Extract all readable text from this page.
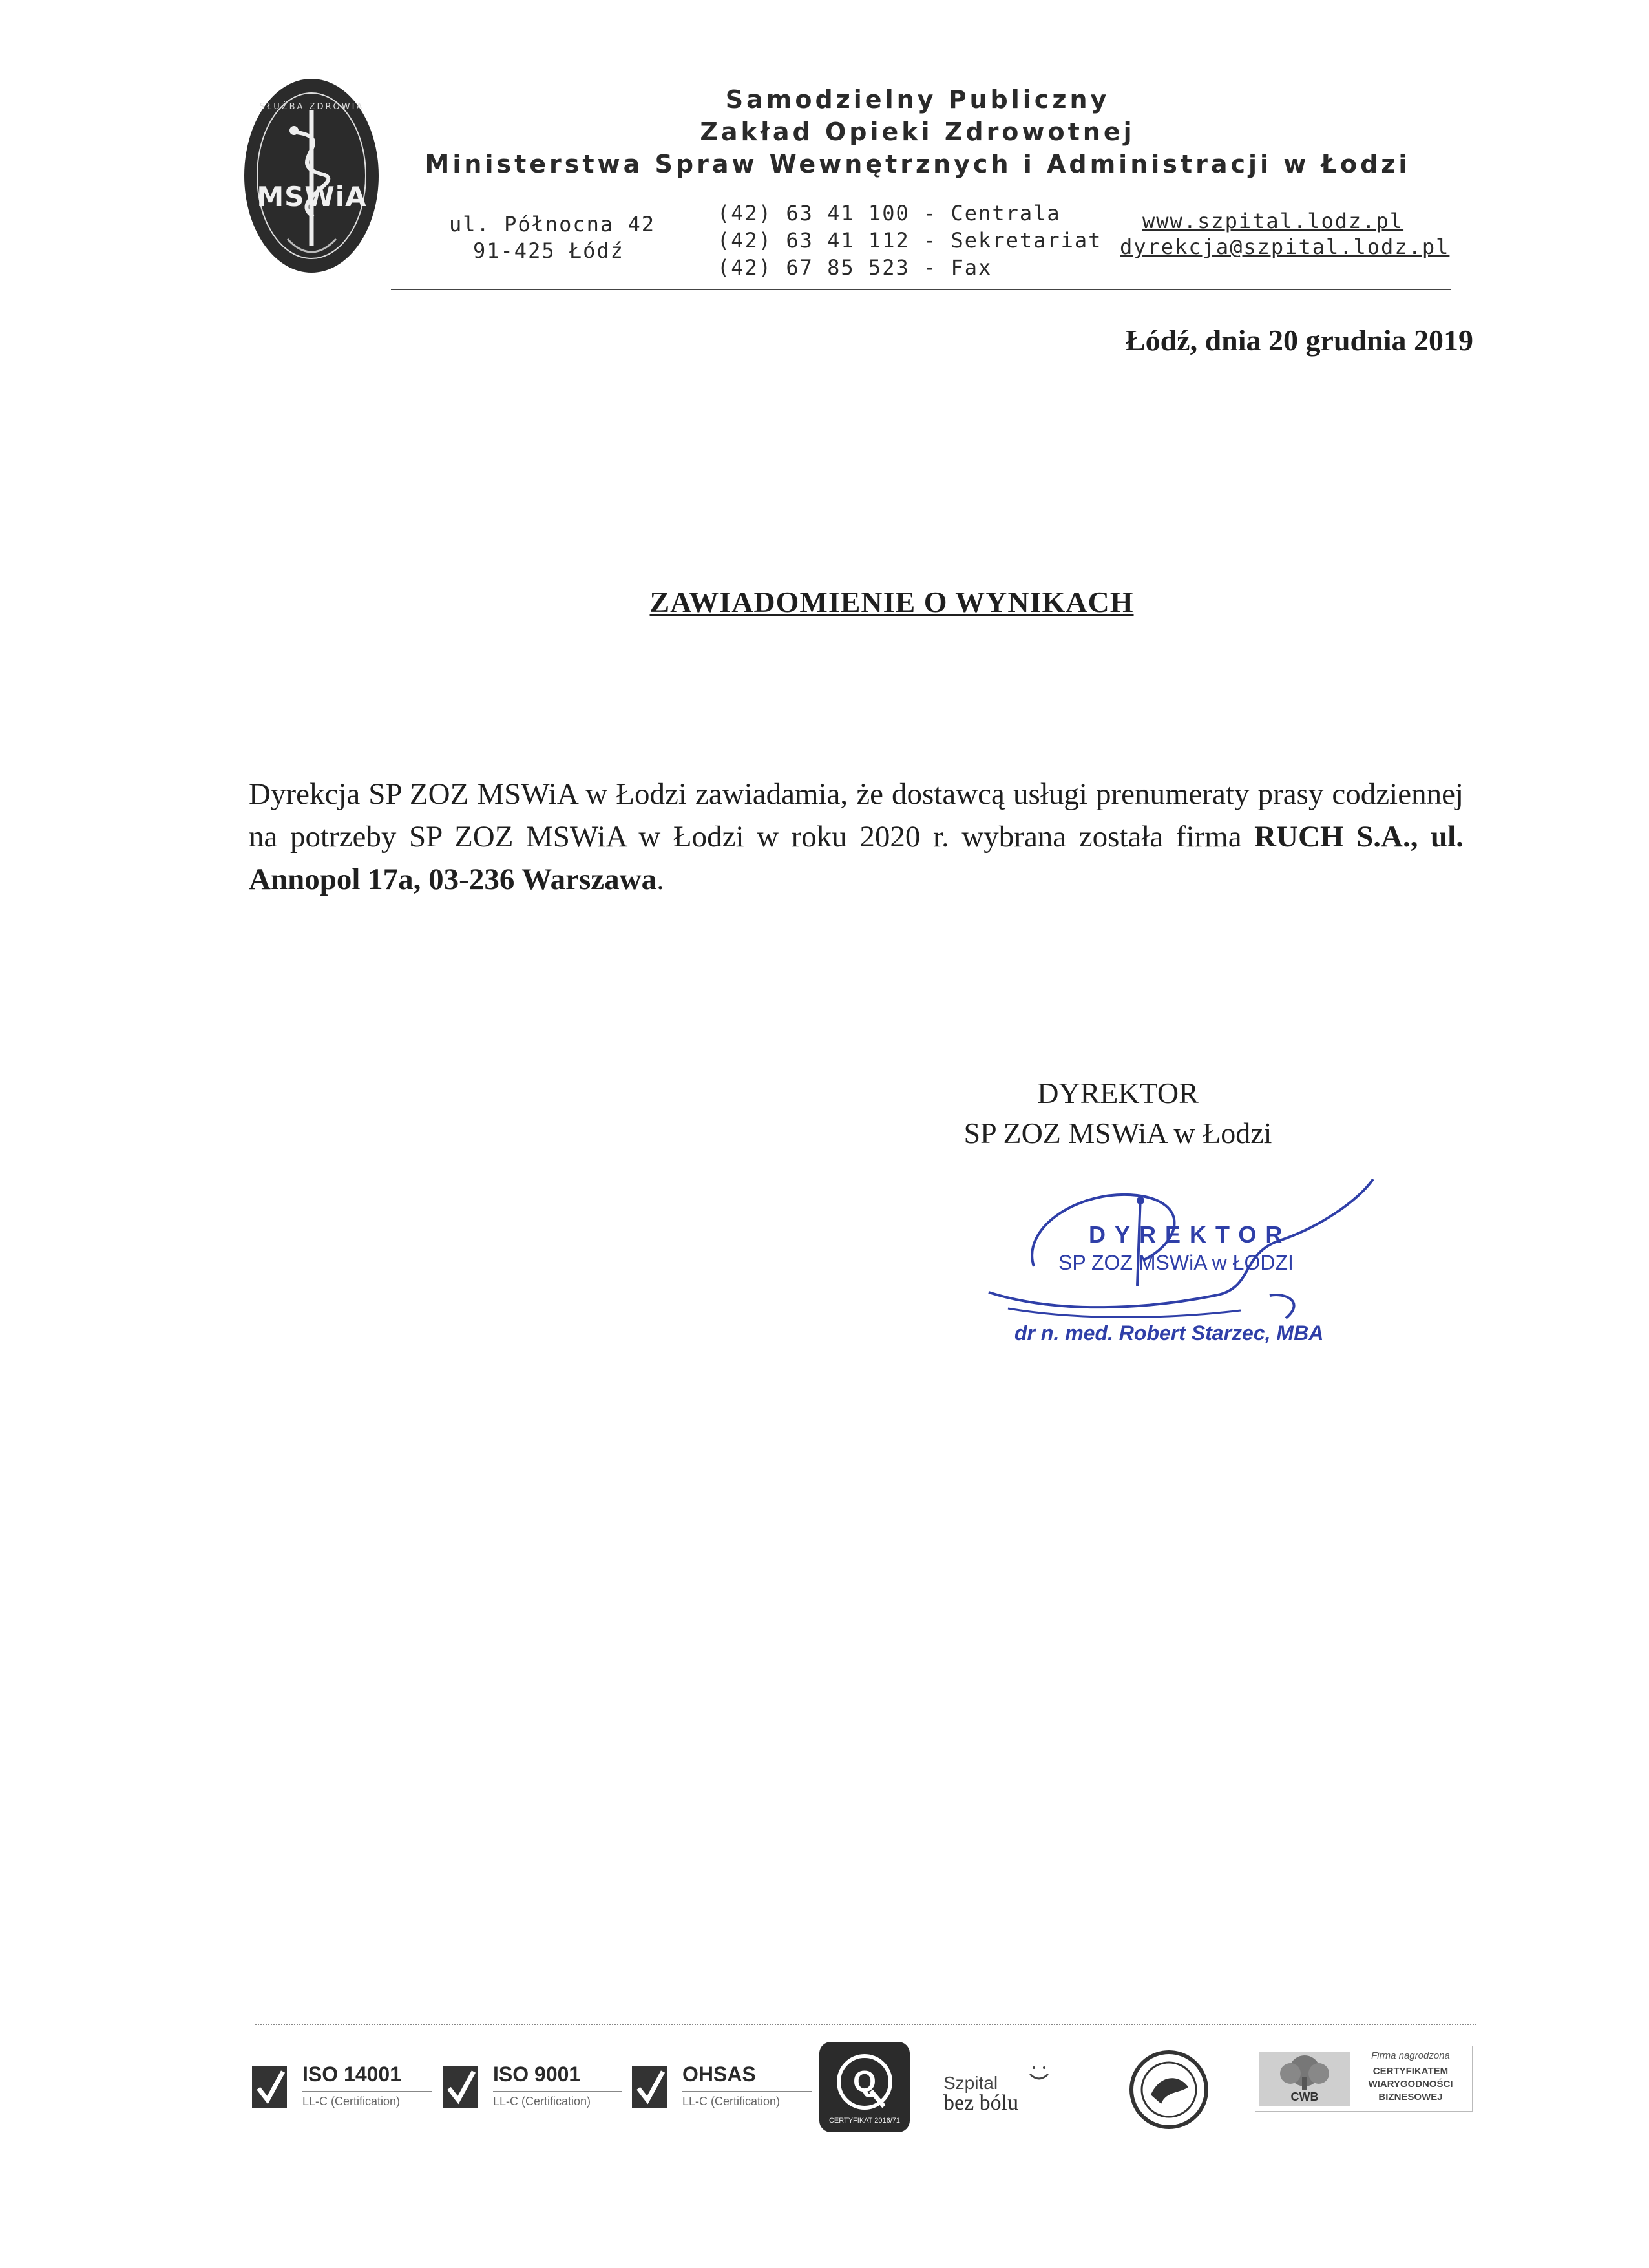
MSWiA
SŁUŻBA ZDROWIA	Samodzielny Publiczny
Zakład Opieki Zdrowotnej
Ministerstwa Spraw Wewnętrznych i Administracji w Łodzi
ul. Północna 42
91-425 Łódź
(42) 63 41 100 - Centrala
(42) 63 41 112 - Sekretariat
(42) 67 85 523 - Fax
www.szpital.lodz.pl
dyrekcja@szpital.lodz.pl
Łódź, dnia 20 grudnia 2019
ZAWIADOMIENIE O WYNIKACH
Dyrekcja SP ZOZ MSWiA w Łodzi zawiadamia, że dostawcą usługi prenumeraty prasy codziennej na potrzeby SP ZOZ MSWiA w Łodzi w roku 2020 r. wybrana została firma RUCH S.A., ul. Annopol 17a, 03-236 Warszawa.
DYREKTOR
SP ZOZ MSWiA w Łodzi
DYREKTOR
SP ZOZ MSWiA w ŁODZI
dr n. med. Robert Starzec, MBA
ISO 14001
LL-C (Certification)
ISO 9001
LL-C (Certification)
OHSAS
LL-C (Certification)
Q
CERTYFIKAT 2016/71
Szpital
bez bólu	CWB
Firma nagrodzona
CERTYFIKATEM
WIARYGODNOŚCI
BIZNESOWEJ
